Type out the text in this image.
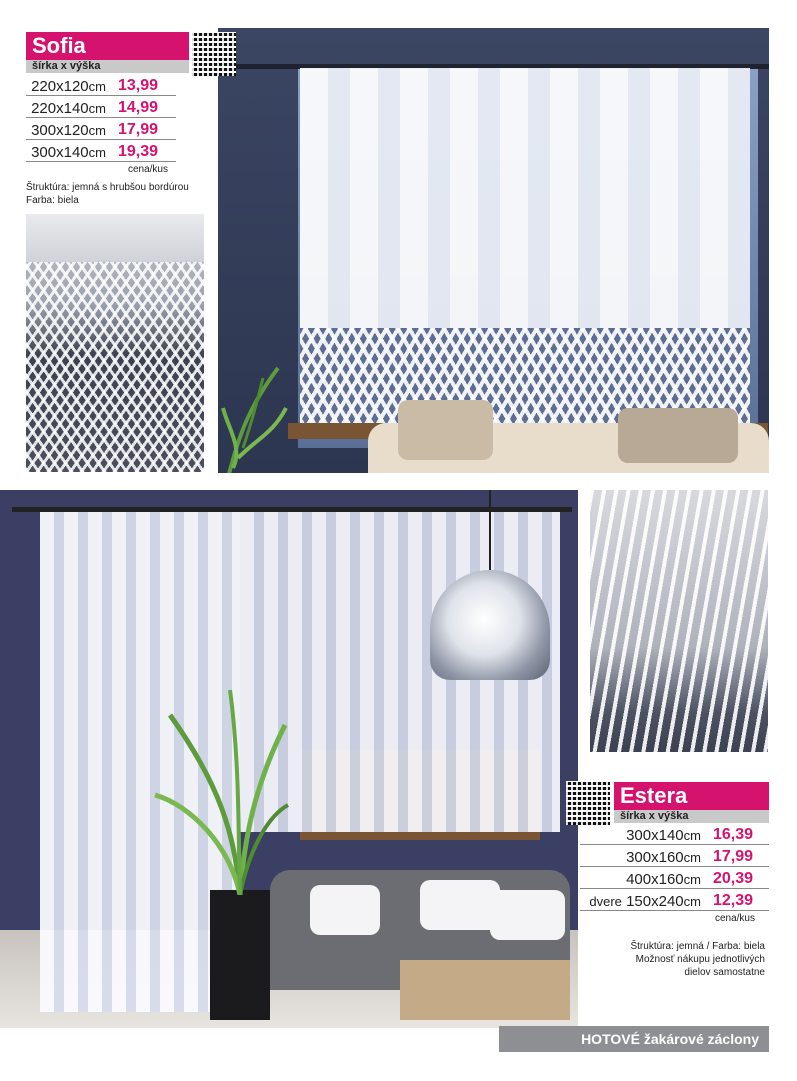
Sofia
šírka x výška
220x120cm 13,99
220x140cm 14,99
300x120cm 17,99
300x140cm 19,39
cena/kus
Štruktúra: jemná s hrubšou bordúrou
Farba: biela
Estera
šírka x výška
300x140cm 16,39
300x160cm 17,99
400x160cm 20,39
dvere 150x240cm 12,39
cena/kus
Štruktúra: jemná / Farba: biela
Možnosť nákupu jednotlivých
dielov samostatne
HOTOVÉ žakárové záclony
